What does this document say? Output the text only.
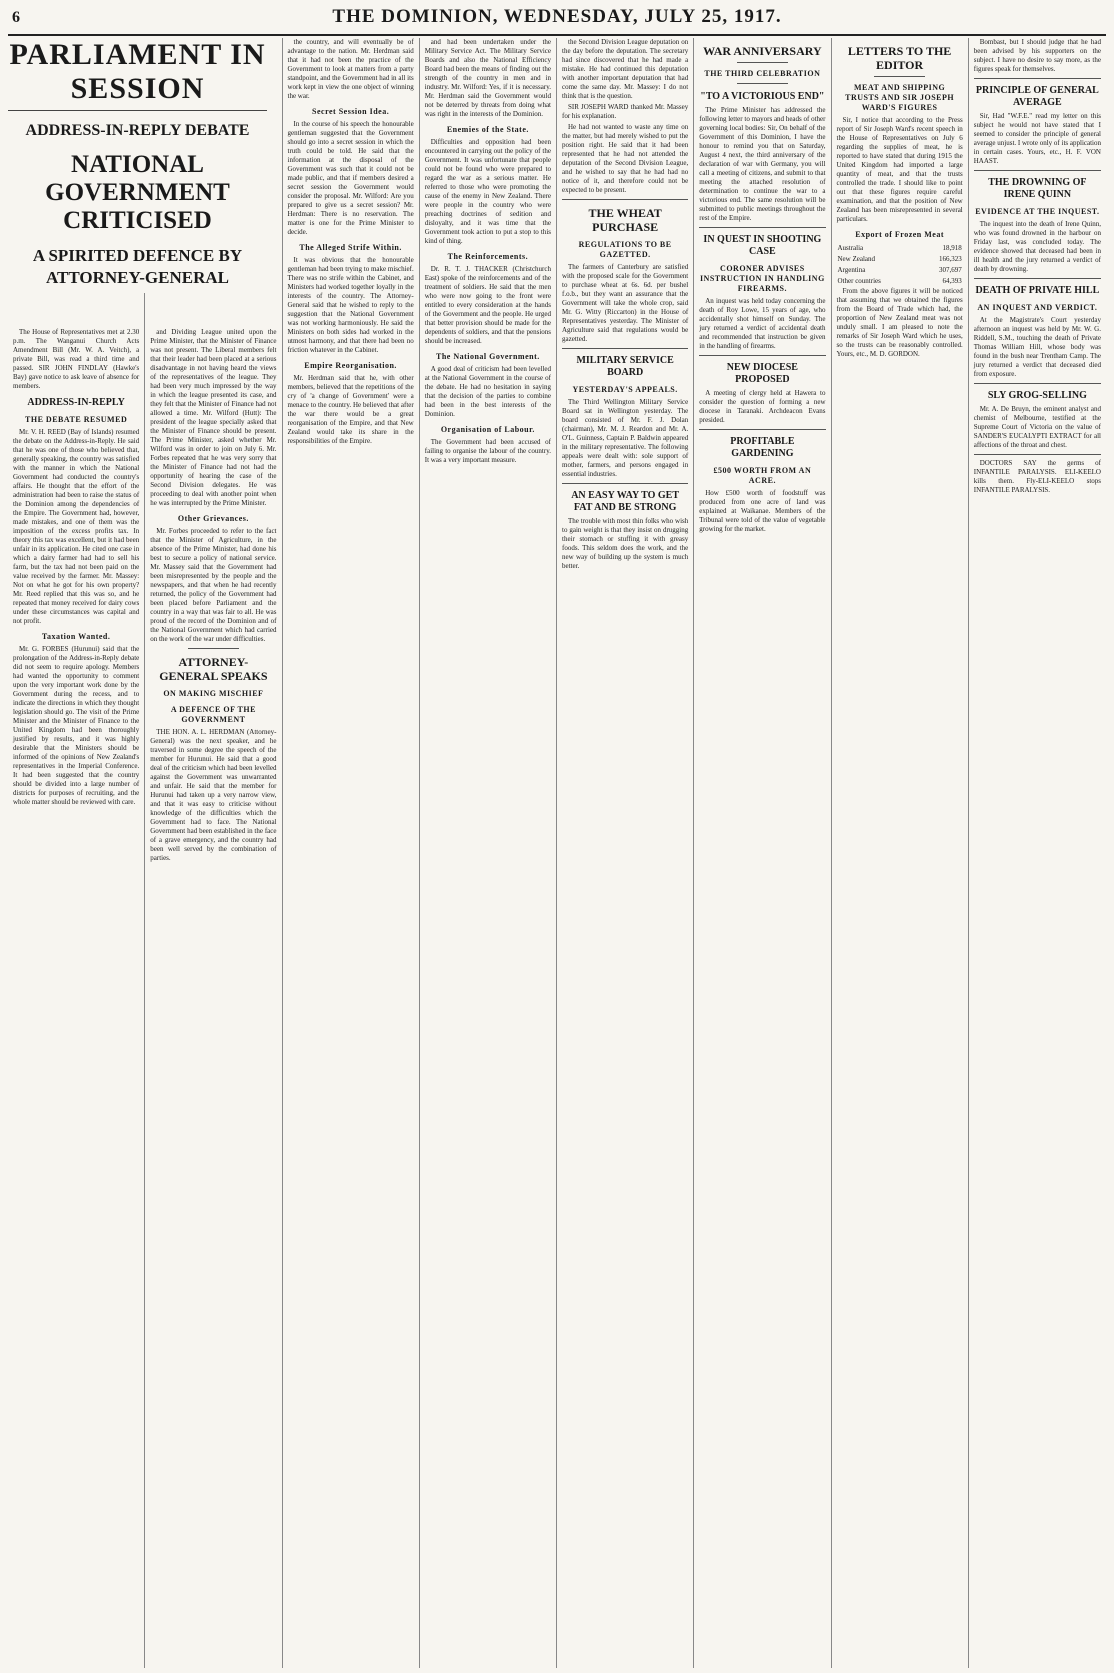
6	THE DOMINION, WEDNESDAY, JULY 25, 1917.

The House of Representatives met at 2.30 p.m. The Wanganui Church Acts Amendment Bill (Mr. W. A. Veitch), a private Bill, was read a third time and passed. SIR JOHN FINDLAY (Hawke's Bay) gave notice to ask leave of absence for members.

ADDRESS-IN-REPLY
THE DEBATE RESUMED

Mr. V. H. REED (Bay of Islands) resumed the debate on the Address-in-Reply. He said that he was one of those who believed that, generally speaking, the country was satisfied with the manner in which the National Government had conducted the country's affairs. He thought that the effort of the administration had been to raise the status of the Dominion among the dependencies of the Empire. The Government had, however, made mistakes, and one of them was the imposition of the excess profits tax. In theory this tax was excellent, but it had been unfair in its application. He cited one case in which a dairy farmer had had to sell his farm, but the tax had not been paid on the value received by the farmer. Mr. Massey: Not on what he got for his own property? Mr. Reed replied that this was so, and he repeated that money received for dairy cows under these circumstances was capital and not profit.

Taxation Wanted.

Mr. G. FORBES (Hurunui) said that the prolongation of the Address-in-Reply debate did not seem to require apology. Members had wanted the opportunity to comment upon the very important work done by the Government during the recess, and to indicate the directions in which they thought legislation should go. The visit of the Prime Minister and the Minister of Finance to the United Kingdom had been thoroughly justified by results, and it was highly desirable that the Ministers should be informed of the opinions of New Zealand's representatives in the Imperial Conference. It had been suggested that the country should be divided into a large number of districts for purposes of recruiting, and the whole matter should be reviewed with care.

and Dividing League united upon the Prime Minister, that the Minister of Finance was not present. The Liberal members felt that their leader had been placed at a serious disadvantage in not having heard the views of the representatives of the league. They had been very much impressed by the way in which the league presented its case, and they felt that the Minister of Finance had not allowed a time. Mr. Wilford (Hutt): The president of the league specially asked that the Minister of Finance should be present. The Prime Minister, asked whether Mr. Wilford was in order to join on July 6. Mr. Forbes repeated that he was very sorry that the Minister of Finance had not had the opportunity of hearing the case of the Second Division delegates. He was proceeding to deal with another point when he was interrupted by the Prime Minister.

Other Grievances.

Mr. Forbes proceeded to refer to the fact that the Minister of Agriculture, in the absence of the Prime Minister, had done his best to secure a policy of national service. Mr. Massey said that the Government had been misrepresented by the people and the newspapers, and that when he had recently returned, the policy of the Government had been placed before Parliament and the country in a way that was fair to all. He was proud of the record of the Dominion and of the National Government which had carried on the work of the war under difficulties.

ATTORNEY-GENERAL SPEAKS
ON MAKING MISCHIEF
A DEFENCE OF THE GOVERNMENT

THE HON. A. L. HERDMAN (Attorney-General) was the next speaker, and he traversed in some degree the speech of the member for Hurunui. He said that a good deal of the criticism which had been levelled against the Government was unwarranted and unfair. He said that the member for Hurunui had taken up a very narrow view, and that it was easy to criticise without knowledge of the difficulties which the Government had to face. The National Government had been established in the face of a grave emergency, and the country had been well served by the combination of parties.

the country, and will eventually be of advantage to the nation. Mr. Herdman said that it had not been the practice of the Government to look at matters from a party standpoint, and the Government had in all its work kept in view the one object of winning the war.

Secret Session Idea.

In the course of his speech the honourable gentleman suggested that the Government should go into a secret session in which the truth could be told. He said that the information at the disposal of the Government was such that it could not be made public, and that if members desired a secret session the Government would consider the proposal. Mr. Wilford: Are you prepared to give us a secret session? Mr. Herdman: There is no reservation. The matter is one for the Prime Minister to decide.

The Alleged Strife Within.

It was obvious that the honourable gentleman had been trying to make mischief. There was no strife within the Cabinet, and Ministers had worked together loyally in the interests of the country. The Attorney-General said that he wished to reply to the suggestion that the National Government was not working harmoniously. He said the Ministers on both sides had worked in the utmost harmony, and that there had been no friction whatever in the Cabinet.

Empire Reorganisation.

Mr. Herdman said that he, with other members, believed that the repetitions of the cry of 'a change of Government' were a menace to the country. He believed that after the war there would be a great reorganisation of the Empire, and that New Zealand would take its share in the responsibilities of the Empire.

and had been undertaken under the Military Service Act. The Military Service Boards and also the National Efficiency Board had been the means of finding out the strength of the country in men and in industry. Mr. Wilford: Yes, if it is necessary. Mr. Herdman said the Government would not be deterred by threats from doing what was right in the interests of the Dominion.

Enemies of the State.

Difficulties and opposition had been encountered in carrying out the policy of the Government. It was unfortunate that people could not be found who were prepared to regard the war as a serious matter. He referred to those who were promoting the cause of the enemy in New Zealand. There were people in the country who were preaching doctrines of sedition and disloyalty, and it was time that the Government took action to put a stop to this kind of thing.

The Reinforcements.

Dr. R. T. J. THACKER (Christchurch East) spoke of the reinforcements and of the treatment of soldiers. He said that the men who were now going to the front were entitled to every consideration at the hands of the Government and the people. He urged that better provision should be made for the dependents of soldiers, and that the pensions should be increased.

The National Government.

A good deal of criticism had been levelled at the National Government in the course of the debate. He had no hesitation in saying that the decision of the parties to combine had been in the best interests of the Dominion.

Organisation of Labour.

The Government had been accused of failing to organise the labour of the country. It was a very important measure.

the Second Division League deputation on the day before the deputation. The secretary had since discovered that he had made a mistake. He had continued this deputation with another important deputation that had come the same day. Mr. Massey: I do not think that is the question.

SIR JOSEPH WARD thanked Mr. Massey for his explanation.

He had not wanted to waste any time on the matter, but had merely wished to put the position right. He said that it had been represented that he had not attended the deputation of the Second Division League, and he wished to say that he had had no notice of it, and therefore could not be expected to be present.

THE WHEAT PURCHASE
REGULATIONS TO BE GAZETTED.

The farmers of Canterbury are satisfied with the proposed scale for the Government to purchase wheat at 6s. 6d. per bushel f.o.b., but they want an assurance that the Government will take the whole crop, said Mr. G. Witty (Riccarton) in the House of Representatives yesterday. The Minister of Agriculture said that regulations would be gazetted.

MILITARY SERVICE BOARD
YESTERDAY'S APPEALS.

The Third Wellington Military Service Board sat in Wellington yesterday. The board consisted of Mr. F. J. Dolan (chairman), Mr. M. J. Reardon and Mr. A. O'L. Guinness, Captain P. Baldwin appeared in the military representative. The following appeals were dealt with: sole support of mother, farmers, and persons engaged in essential industries.

AN EASY WAY TO GET FAT AND BE STRONG

The trouble with most thin folks who wish to gain weight is that they insist on drugging their stomach or stuffing it with greasy foods. This seldom does the work, and the new way of building up the system is much better.

WAR ANNIVERSARY
THE THIRD CELEBRATION
"TO A VICTORIOUS END"

The Prime Minister has addressed the following letter to mayors and heads of other governing local bodies: Sir, On behalf of the Government of this Dominion, I have the honour to remind you that on Saturday, August 4 next, the third anniversary of the declaration of war with Germany, you will call a meeting of citizens, and submit to that meeting the attached resolution of determination to continue the war to a victorious end. The same resolution will be submitted to public meetings throughout the rest of the Empire.

IN QUEST IN SHOOTING CASE
CORONER ADVISES INSTRUCTION IN HANDLING FIREARMS.

An inquest was held today concerning the death of Roy Lowe, 15 years of age, who accidentally shot himself on Sunday. The jury returned a verdict of accidental death and recommended that instruction be given in the handling of firearms.

NEW DIOCESE PROPOSED

A meeting of clergy held at Hawera to consider the question of forming a new diocese in Taranaki. Archdeacon Evans presided.

PROFITABLE GARDENING
£500 WORTH FROM AN ACRE.

How £500 worth of foodstuff was produced from one acre of land was explained at Waikanae. Members of the Tribunal were told of the value of vegetable growing for the market.

LETTERS TO THE EDITOR
MEAT AND SHIPPING TRUSTS AND SIR JOSEPH WARD'S FIGURES

Sir, I notice that according to the Press report of Sir Joseph Ward's recent speech in the House of Representatives on July 6 regarding the supplies of meat, he is reported to have stated that during 1915 the United Kingdom had imported a large quantity of meat, and that the trusts controlled the trade. I should like to point out that these figures require careful examination, and that the position of New Zealand has been misrepresented in several particulars.

Export of Frozen Meat
Australia	18,918
New Zealand	166,323
Argentina	307,697
Other countries	64,393

From the above figures it will be noticed that assuming that we obtained the figures from the Board of Trade which had, the proportion of New Zealand meat was not unduly small. I am pleased to note the remarks of Sir Joseph Ward which he uses, so the trusts can be reasonably controlled. Yours, etc., M. D. GORDON.

Bombast, but I should judge that he had been advised by his supporters on the subject. I have no desire to say more, as the figures speak for themselves.

PRINCIPLE OF GENERAL AVERAGE

Sir, Had "W.F.E." read my letter on this subject he would not have stated that I seemed to consider the principle of general average unjust. I wrote only of its application in certain cases. Yours, etc., H. F. VON HAAST.

THE DROWNING OF IRENE QUINN
EVIDENCE AT THE INQUEST.

The inquest into the death of Irene Quinn, who was found drowned in the harbour on Friday last, was concluded today. The evidence showed that deceased had been in ill health and the jury returned a verdict of death by drowning.

DEATH OF PRIVATE HILL
AN INQUEST AND VERDICT.

At the Magistrate's Court yesterday afternoon an inquest was held by Mr. W. G. Riddell, S.M., touching the death of Private Thomas William Hill, whose body was found in the bush near Trentham Camp. The jury returned a verdict that deceased died from exposure.

SLY GROG-SELLING

Mr. A. De Bruyn, the eminent analyst and chemist of Melbourne, testified at the Supreme Court of Victoria on the value of SANDER'S EUCALYPTI EXTRACT for all affections of the throat and chest.

DOCTORS SAY the germs of INFANTILE PARALYSIS. ELI-KEELO kills them. Fly-ELI-KEELO stops INFANTILE PARALYSIS.

PARLIAMENT IN SESSION
ADDRESS-IN-REPLY DEBATE
NATIONAL GOVERNMENT CRITICISED
A SPIRITED DEFENCE BY ATTORNEY-GENERAL
